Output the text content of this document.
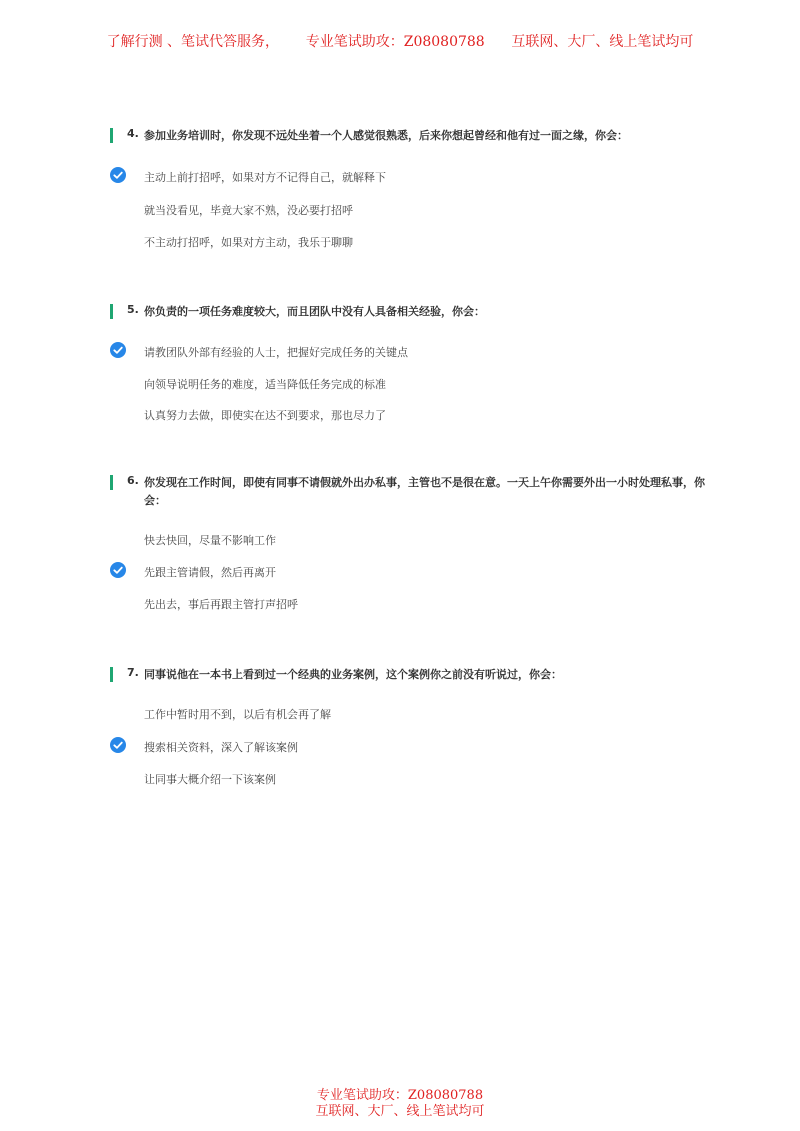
了解行测 、笔试代答服务，      专业笔试助攻：Z08080788      互联网、大厂、线上笔试均可
4. 参加业务培训时，你发现不远处坐着一个人感觉很熟悉，后来你想起曾经和他有过一面之缘，你会：
主动上前打招呼，如果对方不记得自己，就解释下
就当没看见，毕竟大家不熟，没必要打招呼
不主动打招呼，如果对方主动，我乐于聊聊
5. 你负责的一项任务难度较大，而且团队中没有人具备相关经验，你会：
请教团队外部有经验的人士，把握好完成任务的关键点
向领导说明任务的难度，适当降低任务完成的标准
认真努力去做，即使实在达不到要求，那也尽力了
6. 你发现在工作时间，即使有同事不请假就外出办私事，主管也不是很在意。一天上午你需要外出一小时处理私事，你
会：
快去快回，尽量不影响工作
先跟主管请假，然后再离开
先出去，事后再跟主管打声招呼
7. 同事说他在一本书上看到过一个经典的业务案例，这个案例你之前没有听说过，你会：
工作中暂时用不到，以后有机会再了解
搜索相关资料，深入了解该案例
让同事大概介绍一下该案例
专业笔试助攻：Z08080788
互联网、大厂、线上笔试均可
